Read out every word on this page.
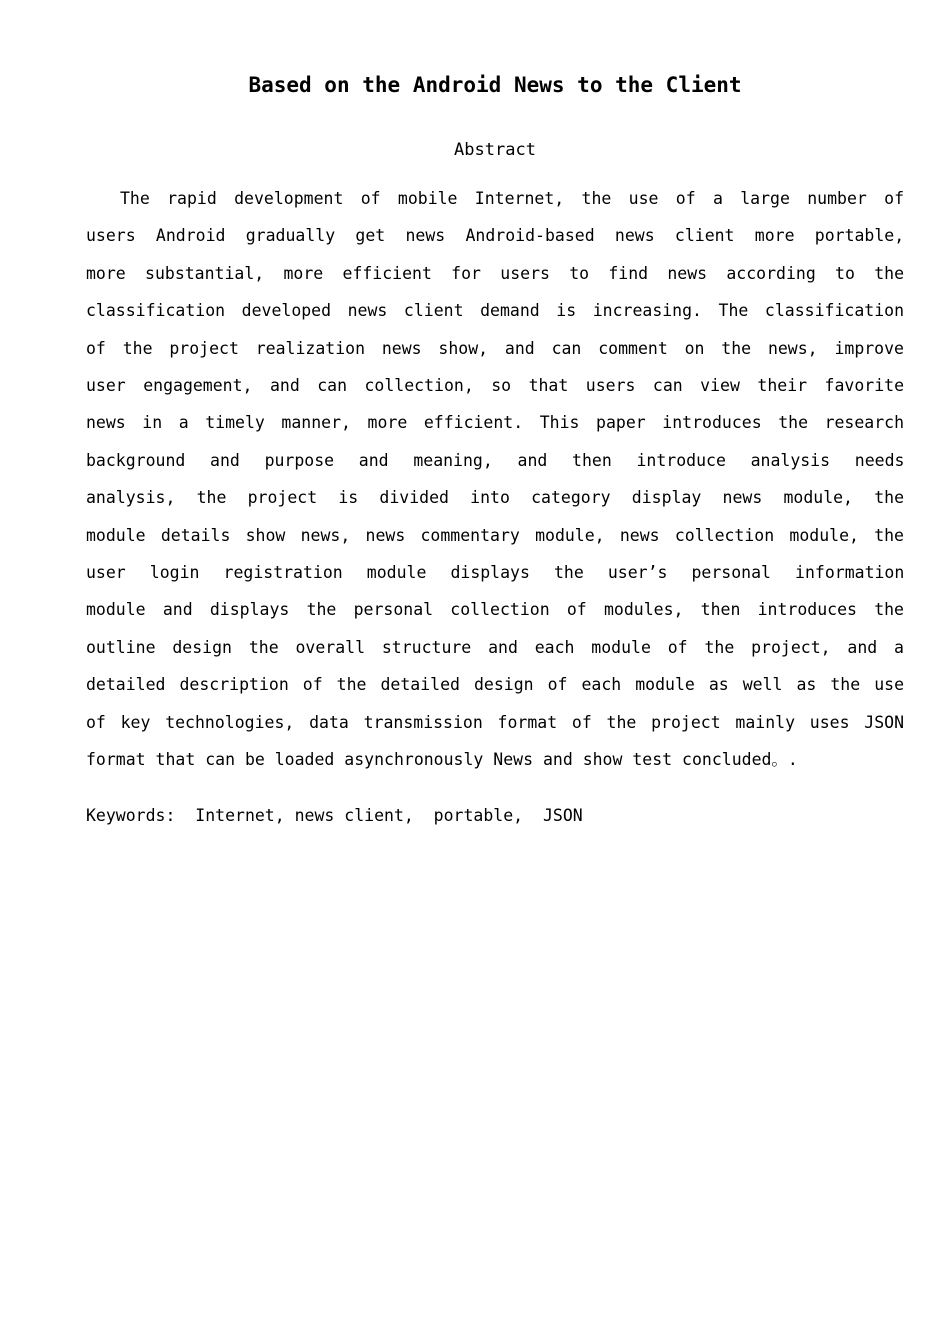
Based on the Android News to the Client
Abstract
The rapid development of mobile Internet, the use of a large number of
users Android gradually get news Android-based news client more portable,
more substantial, more efficient for users to find news according to the
classification developed news client demand is increasing. The classification
of the project realization news show, and can comment on the news, improve
user engagement, and can collection, so that users can view their favorite
news in a timely manner, more efficient. This paper introduces the research
background and purpose and meaning, and then introduce analysis needs
analysis, the project is divided into category display news module, the
module details show news, news commentary module, news collection module, the
user login registration module displays the user’s personal information
module and displays the personal collection of modules, then introduces the
outline design the overall structure and each module of the project, and a
detailed description of the detailed design of each module as well as the use
of key technologies, data transmission format of the project mainly uses JSON
format that can be loaded asynchronously News and show test concluded。.
Keywords:  Internet, news client,  portable,  JSON
